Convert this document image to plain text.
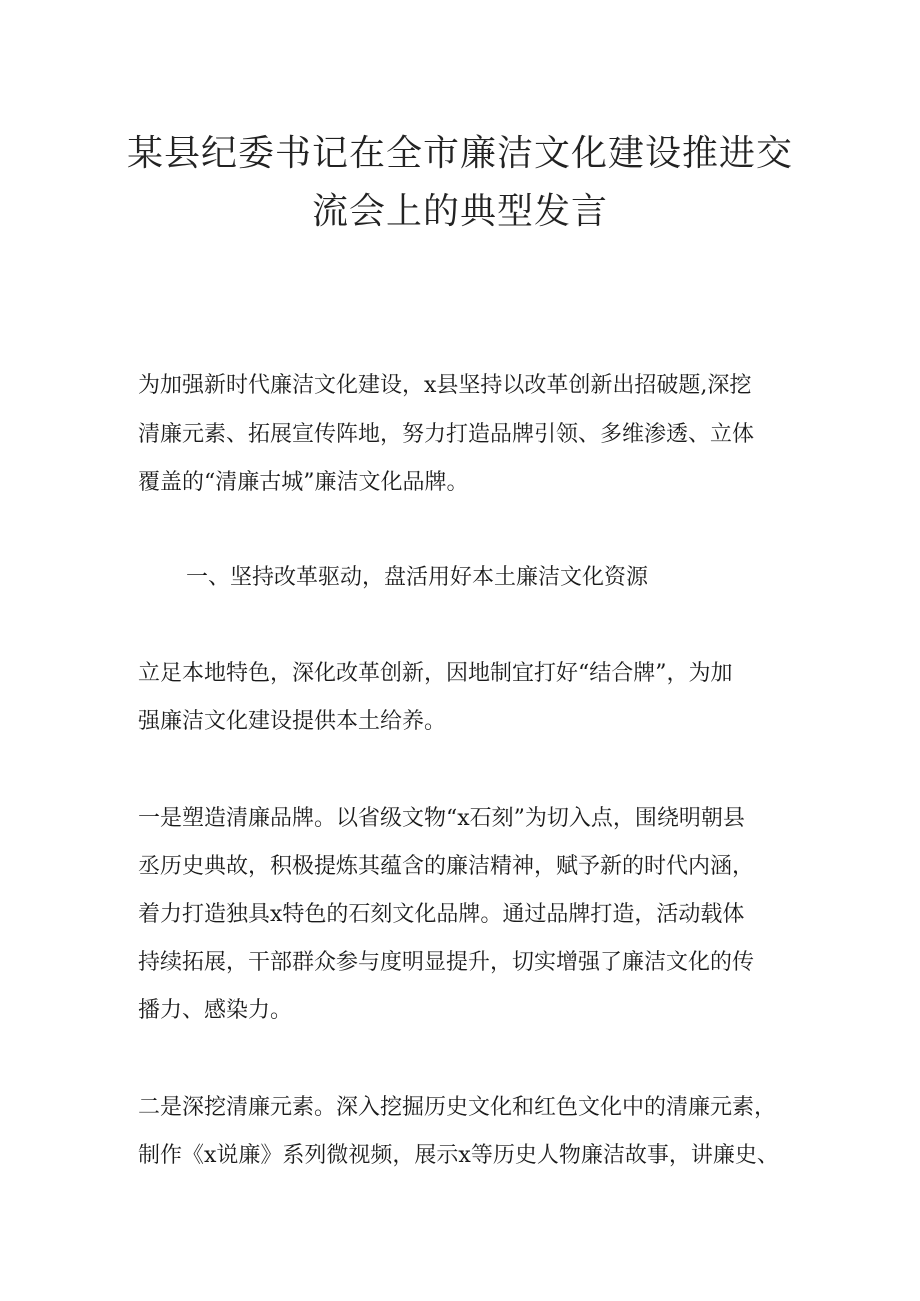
某县纪委书记在全市廉洁文化建设推进交
流会上的典型发言
为加强新时代廉洁文化建设，x县坚持以改革创新出招破题,深挖
清廉元素、拓展宣传阵地，努力打造品牌引领、多维渗透、立体
覆盖的“清廉古城”廉洁文化品牌。
一、坚持改革驱动，盘活用好本土廉洁文化资源
立足本地特色，深化改革创新，因地制宜打好“结合牌”，为加
强廉洁文化建设提供本土给养。
一是塑造清廉品牌。以省级文物“x石刻”为切入点，围绕明朝县
丞历史典故，积极提炼其蕴含的廉洁精神，赋予新的时代内涵，
着力打造独具x特色的石刻文化品牌。通过品牌打造，活动载体
持续拓展，干部群众参与度明显提升，切实增强了廉洁文化的传
播力、感染力。
二是深挖清廉元素。深入挖掘历史文化和红色文化中的清廉元素，
制作《x说廉》系列微视频，展示x等历史人物廉洁故事，讲廉史、
